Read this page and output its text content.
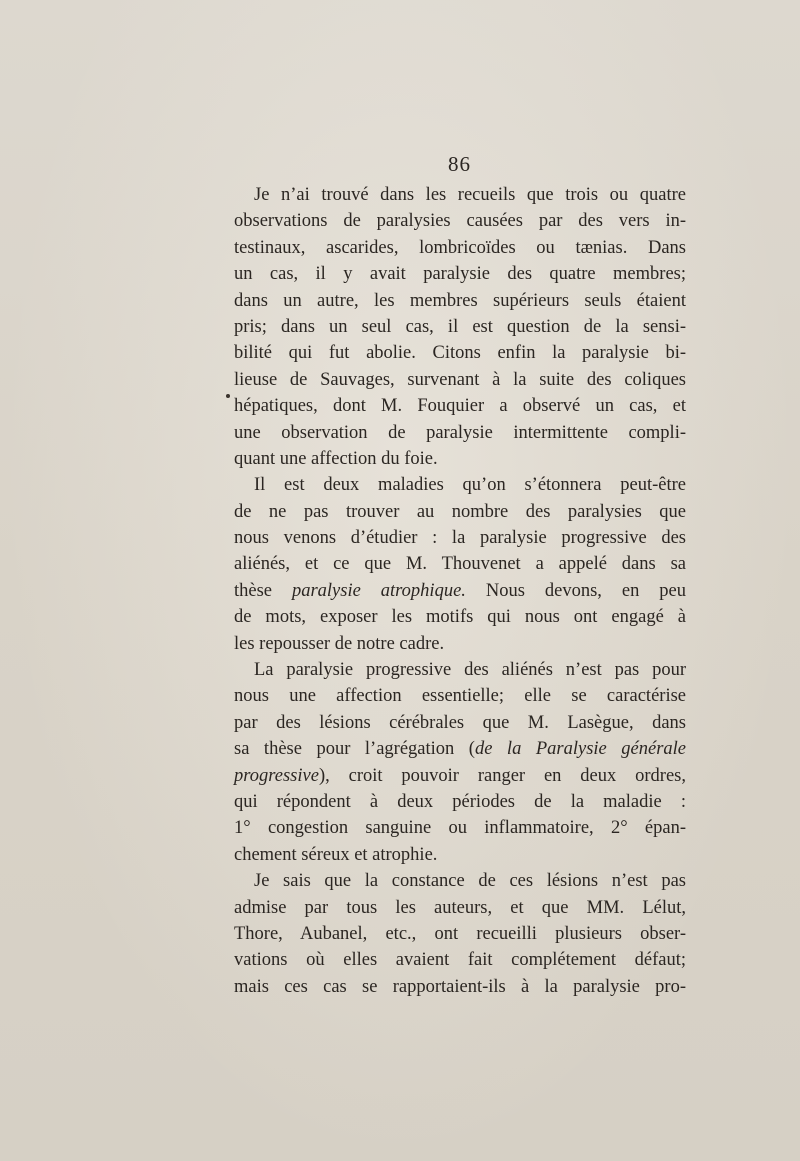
86
Je n’ai trouvé dans les recueils que trois ou quatre
observations de paralysies causées par des vers in-
testinaux, ascarides, lombricoïdes ou tænias. Dans
un cas, il y avait paralysie des quatre membres;
dans un autre, les membres supérieurs seuls étaient
pris; dans un seul cas, il est question de la sensi-
bilité qui fut abolie. Citons enfin la paralysie bi-
lieuse de Sauvages, survenant à la suite des coliques
hépatiques, dont M. Fouquier a observé un cas, et
une observation de paralysie intermittente compli-
quant une affection du foie.
Il est deux maladies qu’on s’étonnera peut-être
de ne pas trouver au nombre des paralysies que
nous venons d’étudier : la paralysie progressive des
aliénés, et ce que M. Thouvenet a appelé dans sa
thèse paralysie atrophique. Nous devons, en peu
de mots, exposer les motifs qui nous ont engagé à
les repousser de notre cadre.
La paralysie progressive des aliénés n’est pas pour
nous une affection essentielle; elle se caractérise
par des lésions cérébrales que M. Lasègue, dans
sa thèse pour l’agrégation (de la Paralysie générale
progressive), croit pouvoir ranger en deux ordres,
qui répondent à deux périodes de la maladie :
1° congestion sanguine ou inflammatoire, 2° épan-
chement séreux et atrophie.
Je sais que la constance de ces lésions n’est pas
admise par tous les auteurs, et que MM. Lélut,
Thore, Aubanel, etc., ont recueilli plusieurs obser-
vations où elles avaient fait complétement défaut;
mais ces cas se rapportaient-ils à la paralysie pro-
